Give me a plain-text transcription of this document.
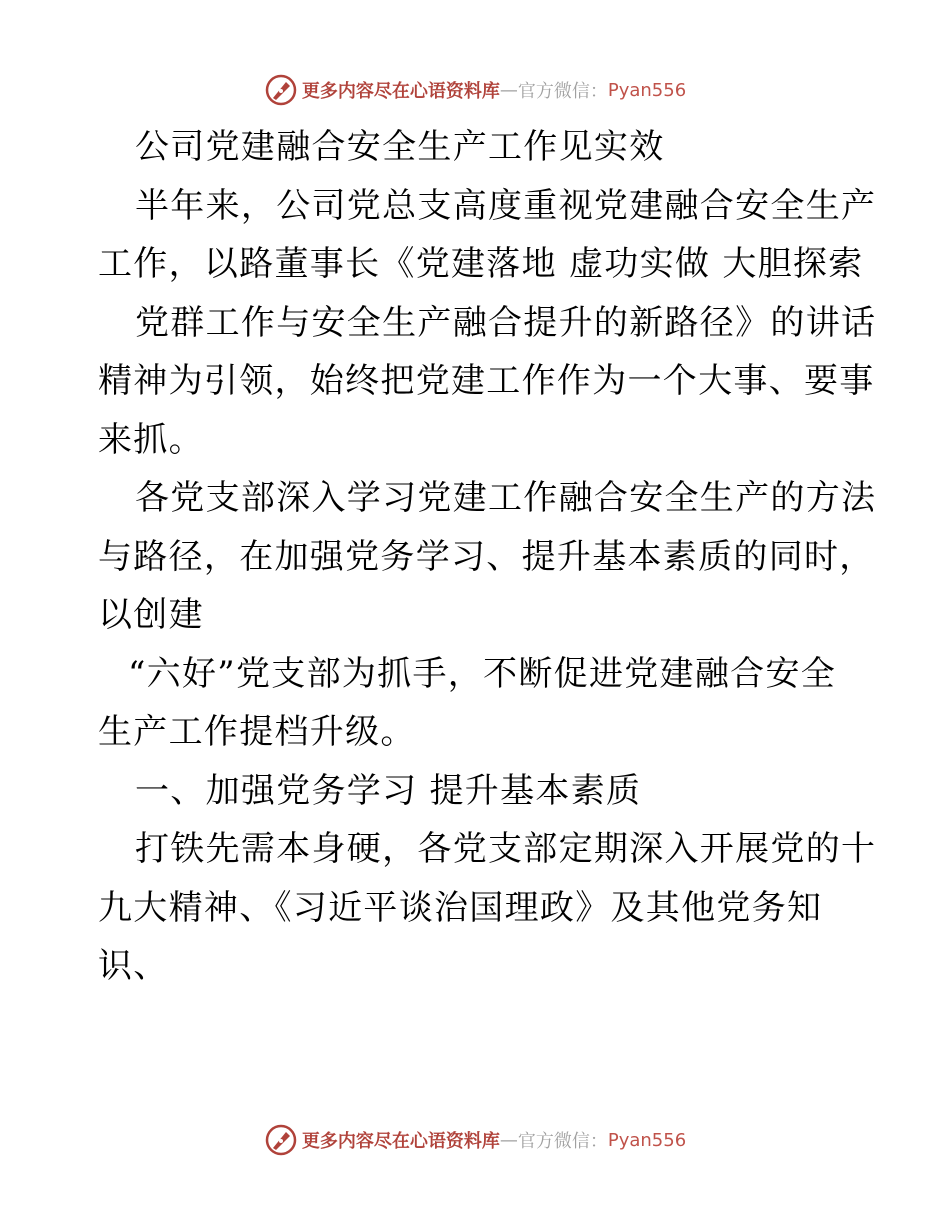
更多内容尽在心语资料库 — 官方微信： Pyan556
公司党建融合安全生产工作见实效
半年来，公司党总支高度重视党建融合安全生产
工作，以路董事长《党建落地 虚功实做 大胆探索
党群工作与安全生产融合提升的新路径》的讲话
精神为引领，始终把党建工作作为一个大事、要事
来抓。
各党支部深入学习党建工作融合安全生产的方法
与路径，在加强党务学习、提升基本素质的同时，
以创建
“六好”党支部为抓手，不断促进党建融合安全
生产工作提档升级。
一、加强党务学习 提升基本素质
打铁先需本身硬，各党支部定期深入开展党的十
九大精神、《习近平谈治国理政》及其他党务知
识、
更多内容尽在心语资料库 — 官方微信： Pyan556
